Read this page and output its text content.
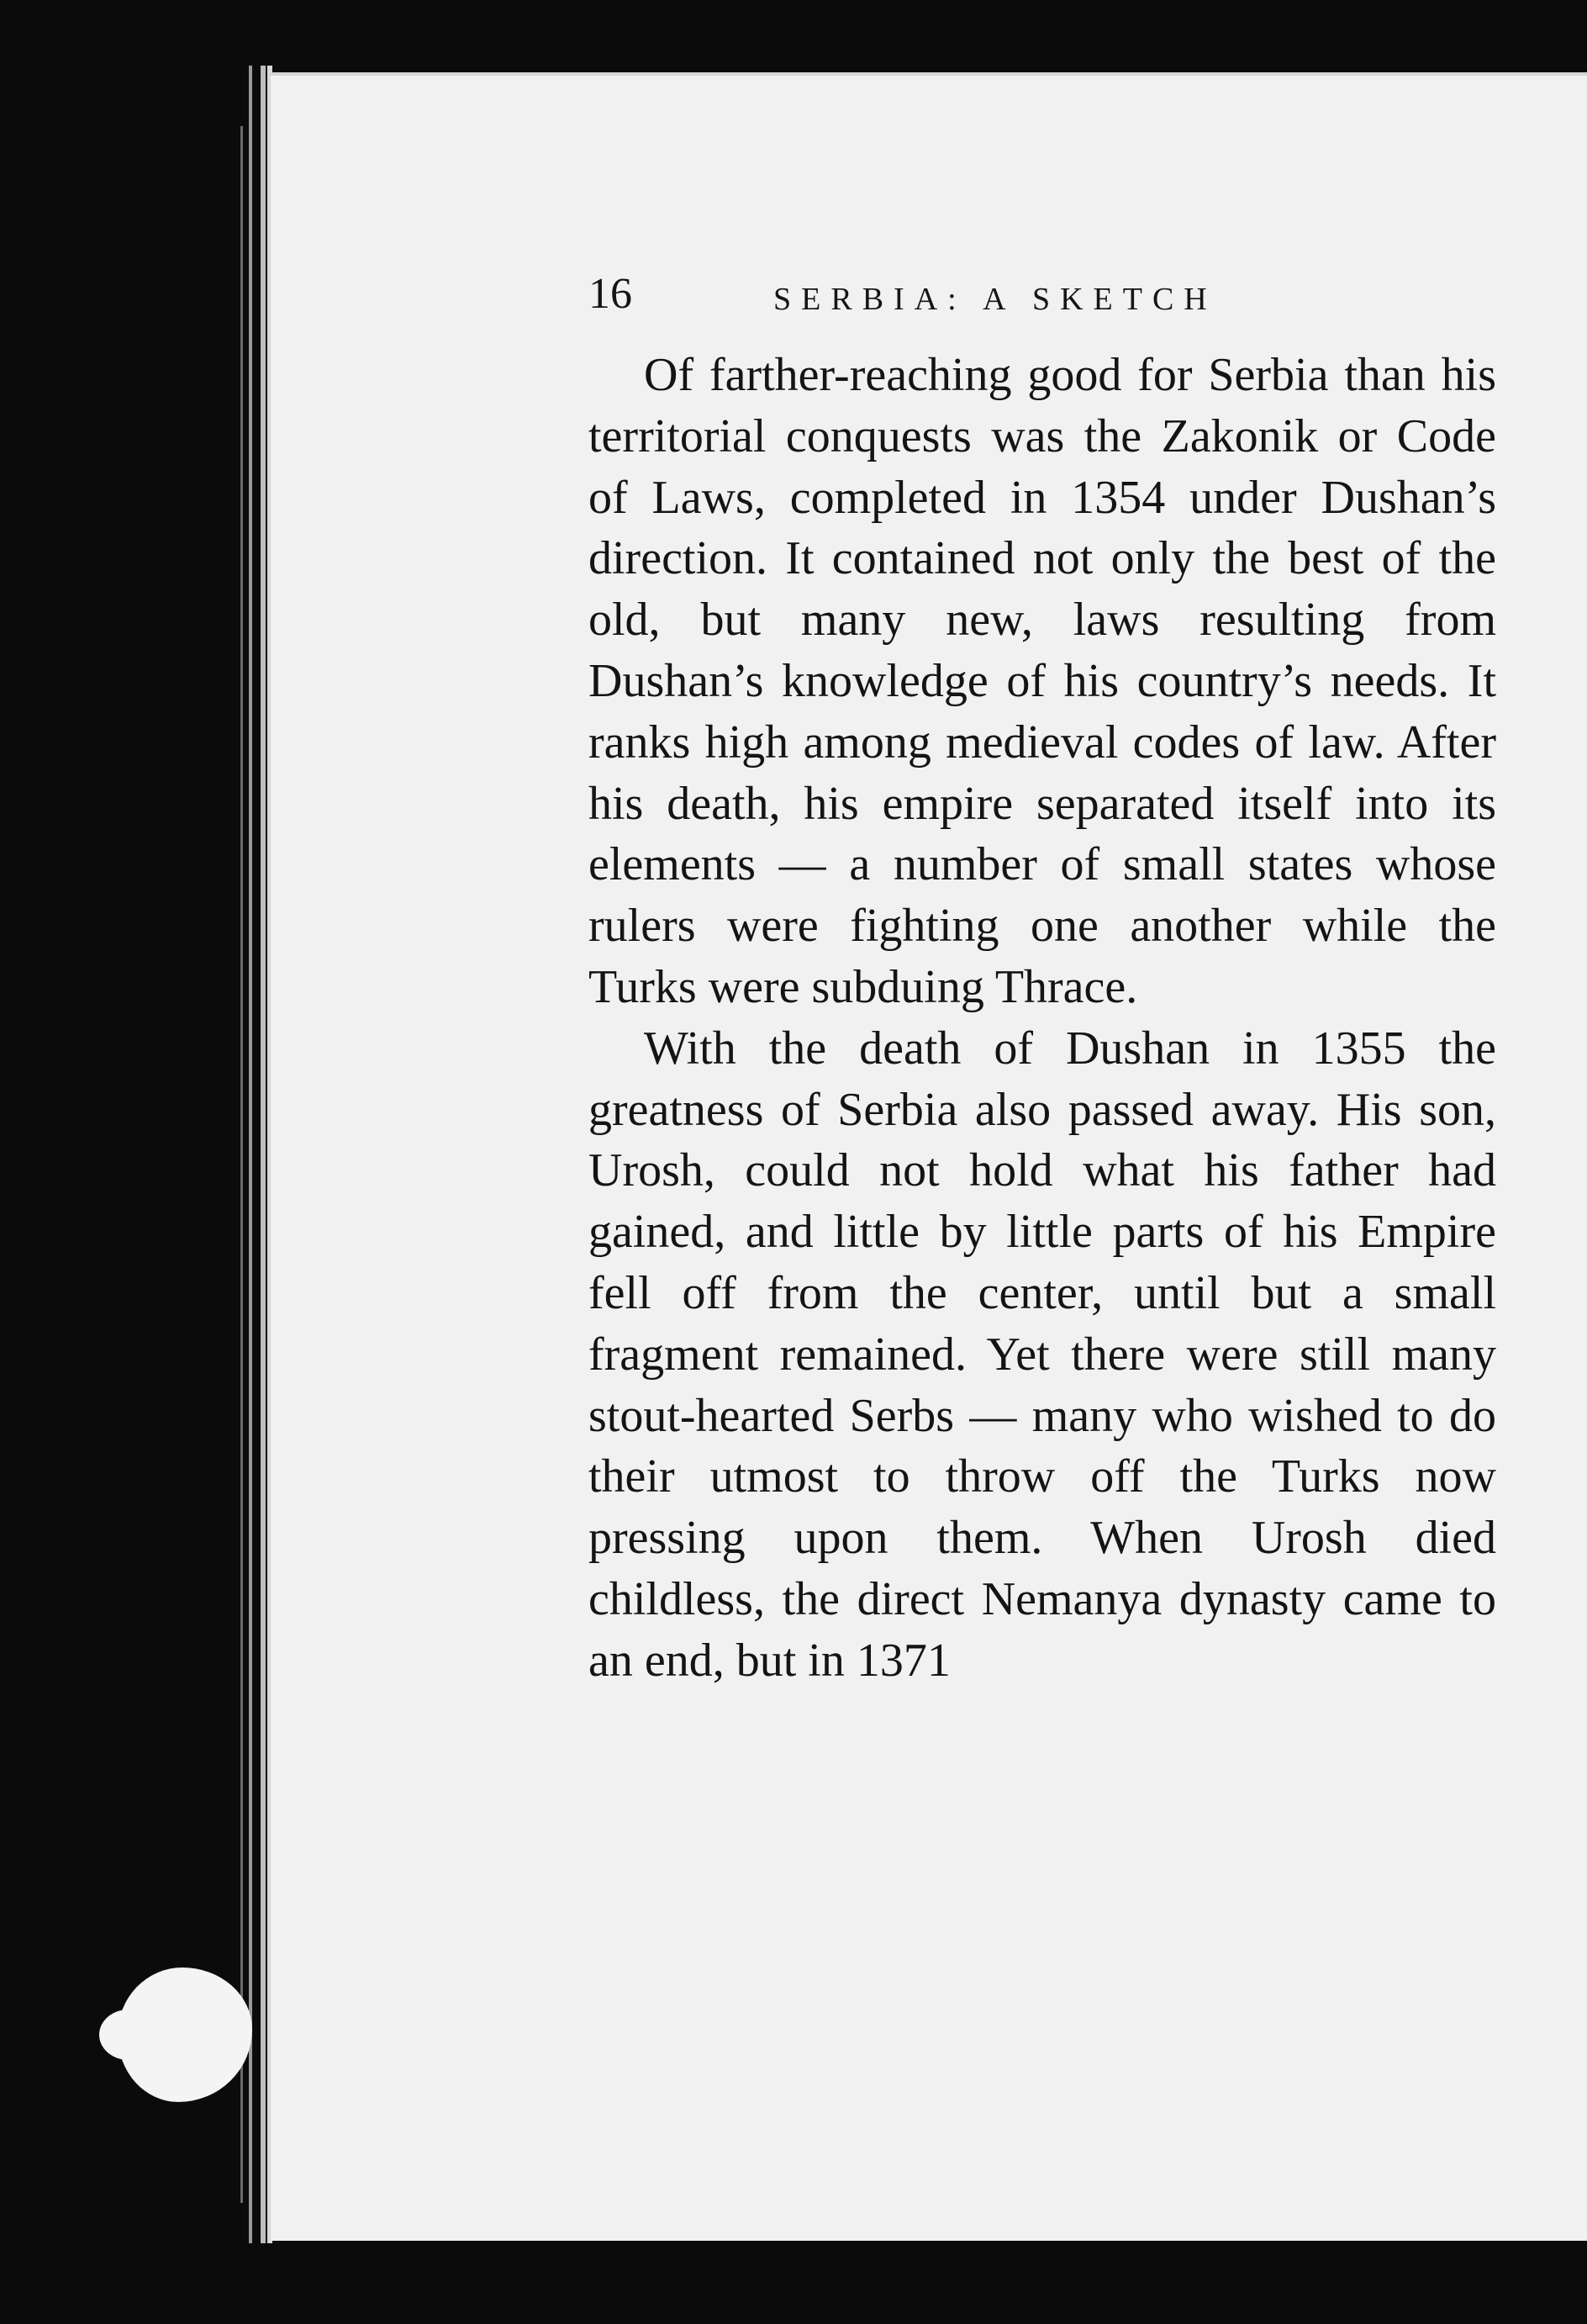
16	SERBIA: A SKETCH

Of farther-reaching good for Serbia than his territorial conquests was the Zakonik or Code of Laws, completed in 1354 under Dushan’s direction. It contained not only the best of the old, but many new, laws resulting from Dushan’s knowledge of his country’s needs. It ranks high among medieval codes of law. After his death, his empire separated itself into its elements — a number of small states whose rulers were fighting one another while the Turks were subduing Thrace.

With the death of Dushan in 1355 the greatness of Serbia also passed away. His son, Urosh, could not hold what his father had gained, and little by little parts of his Empire fell off from the center, until but a small fragment remained. Yet there were still many stout-hearted Serbs — many who wished to do their utmost to throw off the Turks now pressing upon them. When Urosh died childless, the direct Nemanya dynasty came to an end, but in 1371
